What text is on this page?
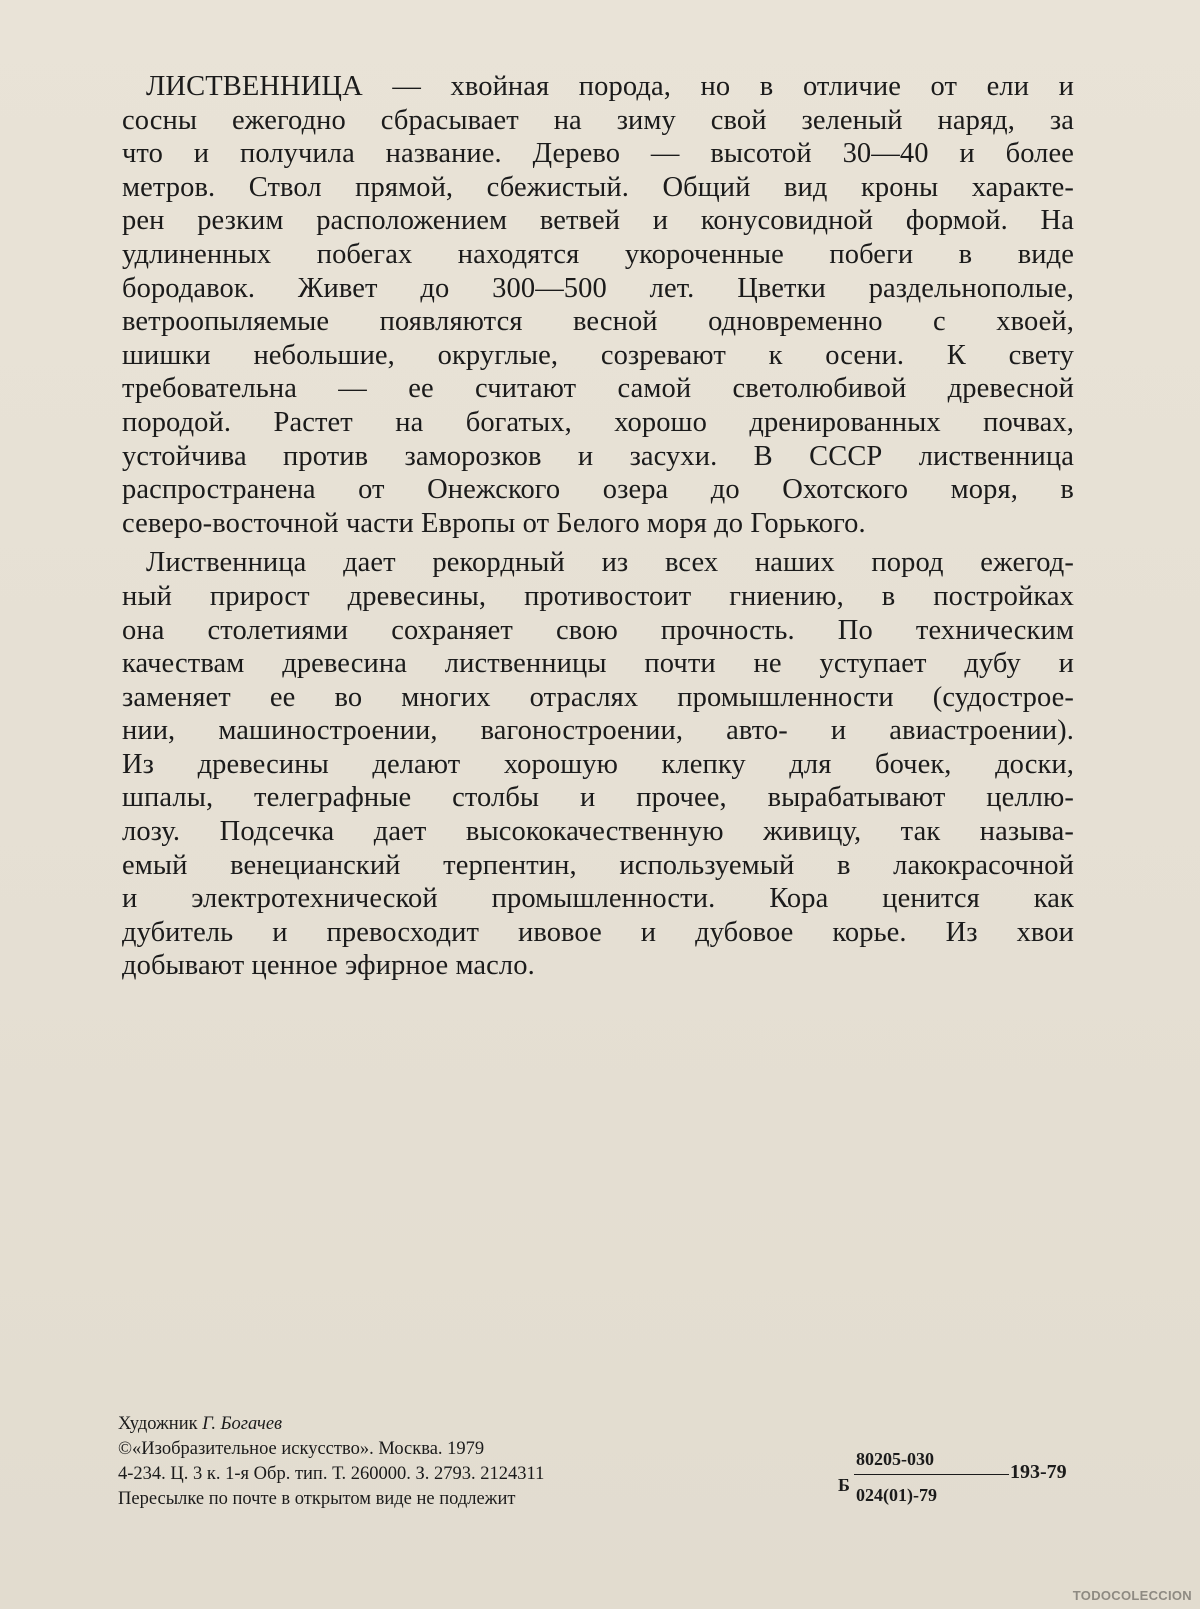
ЛИСТВЕННИЦА — хвойная порода, но в отличие от ели и
сосны ежегодно сбрасывает на зиму свой зеленый наряд, за
что и получила название. Дерево — высотой 30—40 и более
метров. Ствол прямой, сбежистый. Общий вид кроны характе-
рен резким расположением ветвей и конусовидной формой. На
удлиненных побегах находятся укороченные побеги в виде
бородавок. Живет до 300—500 лет. Цветки раздельнополые,
ветроопыляемые появляются весной одновременно с хвоей,
шишки небольшие, округлые, созревают к осени. К свету
требовательна — ее считают самой светолюбивой древесной
породой. Растет на богатых, хорошо дренированных почвах,
устойчива против заморозков и засухи. В СССР лиственница
распространена от Онежского озера до Охотского моря, в
северо-восточной части Европы от Белого моря до Горького.
Лиственница дает рекордный из всех наших пород ежегод-
ный прирост древесины, противостоит гниению, в постройках
она столетиями сохраняет свою прочность. По техническим
качествам древесина лиственницы почти не уступает дубу и
заменяет ее во многих отраслях промышленности (судострое-
нии, машиностроении, вагоностроении, авто- и авиастроении).
Из древесины делают хорошую клепку для бочек, доски,
шпалы, телеграфные столбы и прочее, вырабатывают целлю-
лозу. Подсечка дает высококачественную живицу, так называ-
емый венецианский терпентин, используемый в лакокрасочной
и электротехнической промышленности. Кора ценится как
дубитель и превосходит ивовое и дубовое корье. Из хвои
добывают ценное эфирное масло.
Художник Г. Богачев
©«Изобразительное искусство». Москва. 1979
4-234. Ц. 3 к. 1-я Обр. тип. Т. 260000. З. 2793. 2124311
Пересылке по почте в открытом виде не подлежит
Б
80205-030
024(01)-79
193-79
TODOCOLECCION
